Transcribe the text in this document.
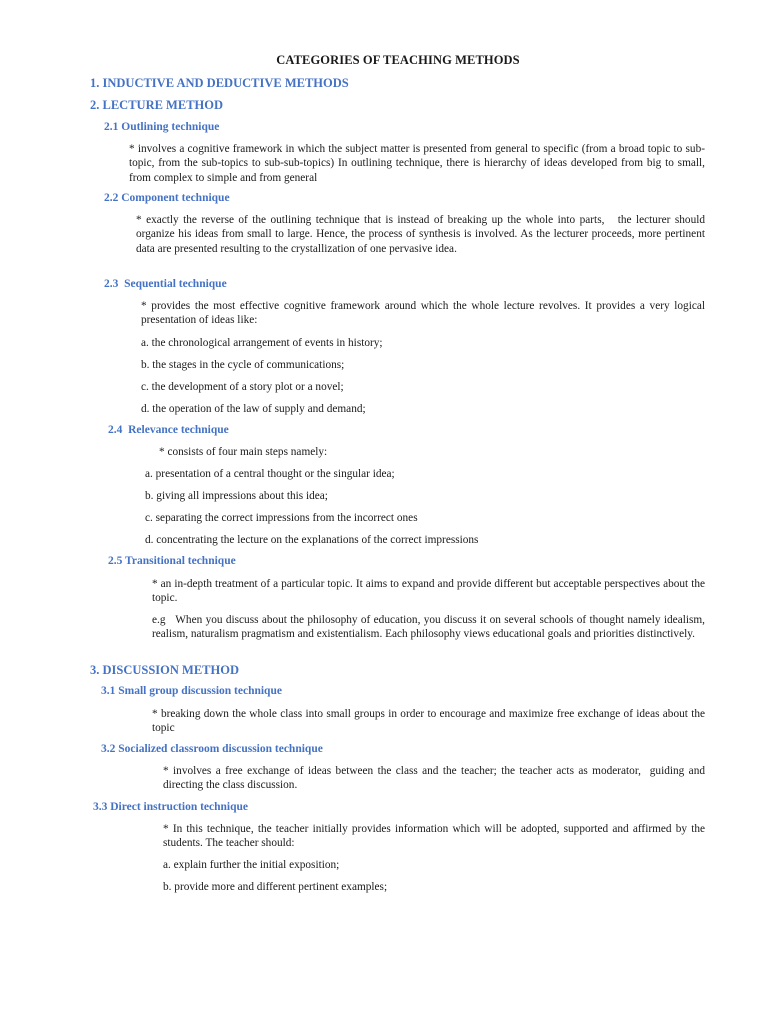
CATEGORIES OF TEACHING METHODS
1. INDUCTIVE AND DEDUCTIVE METHODS
2. LECTURE METHOD
2.1 Outlining technique
* involves a cognitive framework in which the subject matter is presented from general to specific (from a broad topic to sub-topic, from the sub-topics to sub-sub-topics) In outlining technique, there is hierarchy of ideas developed from big to small, from complex to simple and from general
2.2 Component technique
* exactly the reverse of the outlining technique that is instead of breaking up the whole into parts,   the lecturer should organize his ideas from small to large. Hence, the process of synthesis is involved. As the lecturer proceeds, more pertinent data are presented resulting to the crystallization of one pervasive idea.
2.3  Sequential technique
* provides the most effective cognitive framework around which the whole lecture revolves. It provides a very logical presentation of ideas like:
a. the chronological arrangement of events in history;
b. the stages in the cycle of communications;
c. the development of a story plot or a novel;
d. the operation of the law of supply and demand;
2.4  Relevance technique
* consists of four main steps namely:
a. presentation of a central thought or the singular idea;
b. giving all impressions about this idea;
c. separating the correct impressions from the incorrect ones
d. concentrating the lecture on the explanations of the correct impressions
2.5 Transitional technique
* an in-depth treatment of a particular topic. It aims to expand and provide different but acceptable perspectives about the topic.
e.g   When you discuss about the philosophy of education, you discuss it on several schools of thought namely idealism, realism, naturalism pragmatism and existentialism. Each philosophy views educational goals and priorities distinctively.
3. DISCUSSION METHOD
3.1 Small group discussion technique
* breaking down the whole class into small groups in order to encourage and maximize free exchange of ideas about the topic
3.2 Socialized classroom discussion technique
* involves a free exchange of ideas between the class and the teacher; the teacher acts as moderator,  guiding and directing the class discussion.
3.3 Direct instruction technique
* In this technique, the teacher initially provides information which will be adopted, supported and affirmed by the students. The teacher should:
a. explain further the initial exposition;
b. provide more and different pertinent examples;
